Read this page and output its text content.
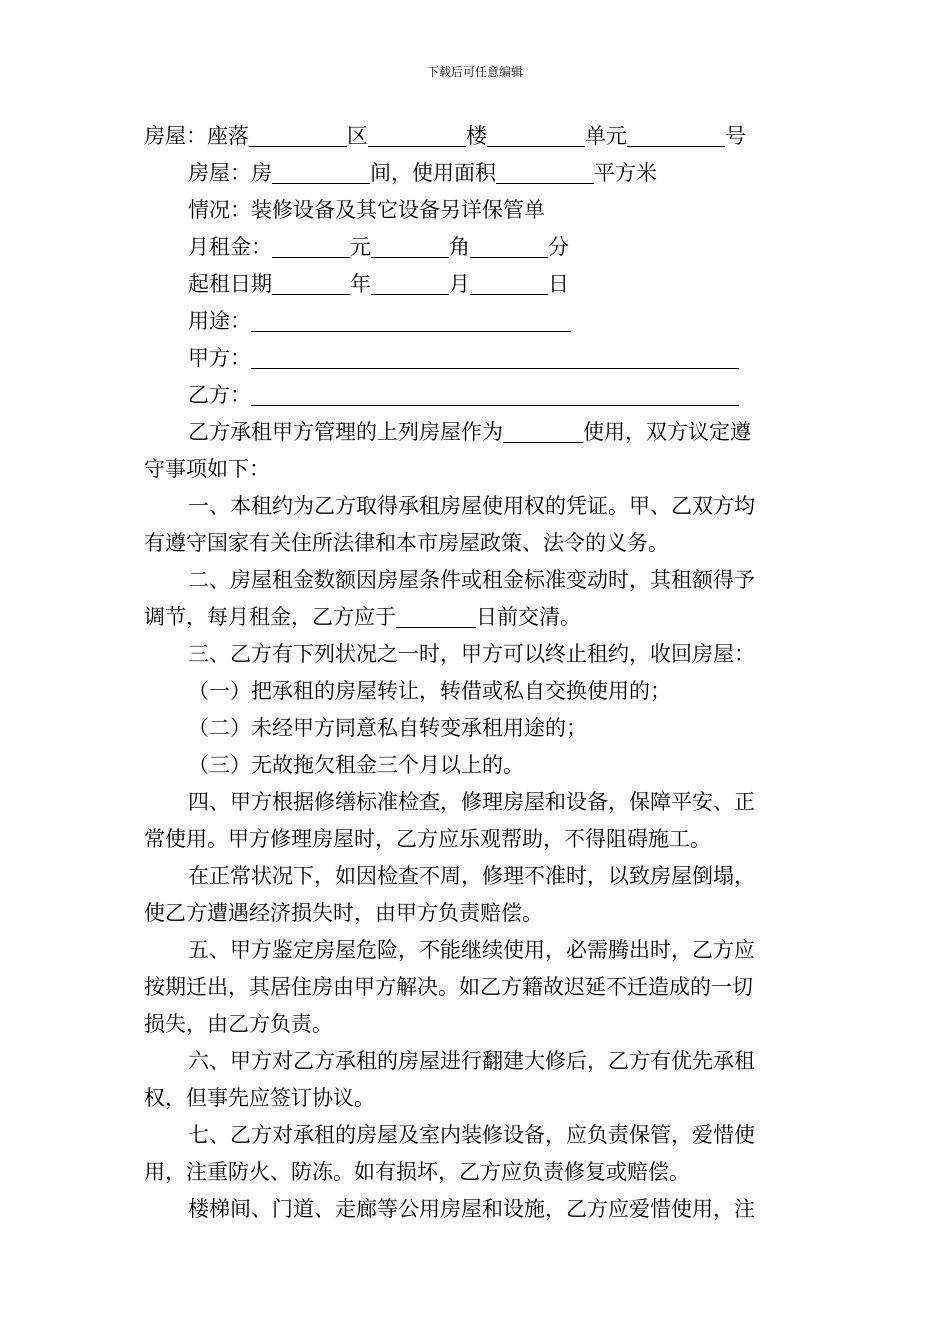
下载后可任意编辑
房屋：座落	区	楼	单元	号
房屋：房	间，使用面积	平方米
情况：装修设备及其它设备另详保管单
月租金：	元	角	分
起租日期	年	月	日
用途：
甲方：
乙方：
乙方承租甲方管理的上列房屋作为	使用，双方议定遵
守事项如下：
一、本租约为乙方取得承租房屋使用权的凭证。甲、乙双方均
有遵守国家有关住所法律和本市房屋政策、法令的义务。
二、房屋租金数额因房屋条件或租金标准变动时，其租额得予
调节，每月租金，乙方应于	日前交清。
三、乙方有下列状况之一时，甲方可以终止租约，收回房屋：
（一）把承租的房屋转让，转借或私自交换使用的；
（二）未经甲方同意私自转变承租用途的；
（三）无故拖欠租金三个月以上的。
四、甲方根据修缮标准检查，修理房屋和设备，保障平安、正
常使用。甲方修理房屋时，乙方应乐观帮助，不得阻碍施工。
在正常状况下，如因检查不周，修理不准时，以致房屋倒塌，
使乙方遭遇经济损失时，由甲方负责赔偿。
五、甲方鉴定房屋危险，不能继续使用，必需腾出时，乙方应
按期迁出，其居住房由甲方解决。如乙方籍故迟延不迁造成的一切
损失，由乙方负责。
六、甲方对乙方承租的房屋进行翻建大修后，乙方有优先承租
权，但事先应签订协议。
七、乙方对承租的房屋及室内装修设备，应负责保管，爱惜使
用，注重防火、防冻。如有损坏，乙方应负责修复或赔偿。
楼梯间、门道、走廊等公用房屋和设施，乙方应爱惜使用，注
